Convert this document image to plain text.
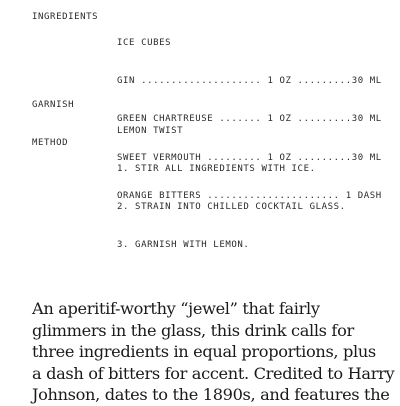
INGREDIENTS

ICE CUBES

GIN .................... 1 OZ .........30 ML

GREEN CHARTREUSE ....... 1 OZ .........30 ML

SWEET VERMOUTH ......... 1 OZ .........30 ML

ORANGE BITTERS ...................... 1 DASH

GARNISH

LEMON TWIST

METHOD

1. STIR ALL INGREDIENTS WITH ICE.

2. STRAIN INTO CHILLED COCKTAIL GLASS.

3. GARNISH WITH LEMON.

An aperitif-worthy “jewel” that fairly
glimmers in the glass, this drink calls for
three ingredients in equal proportions, plus
a dash of bitters for accent. Credited to Harry
Johnson, dates to the 1890s, and features the
